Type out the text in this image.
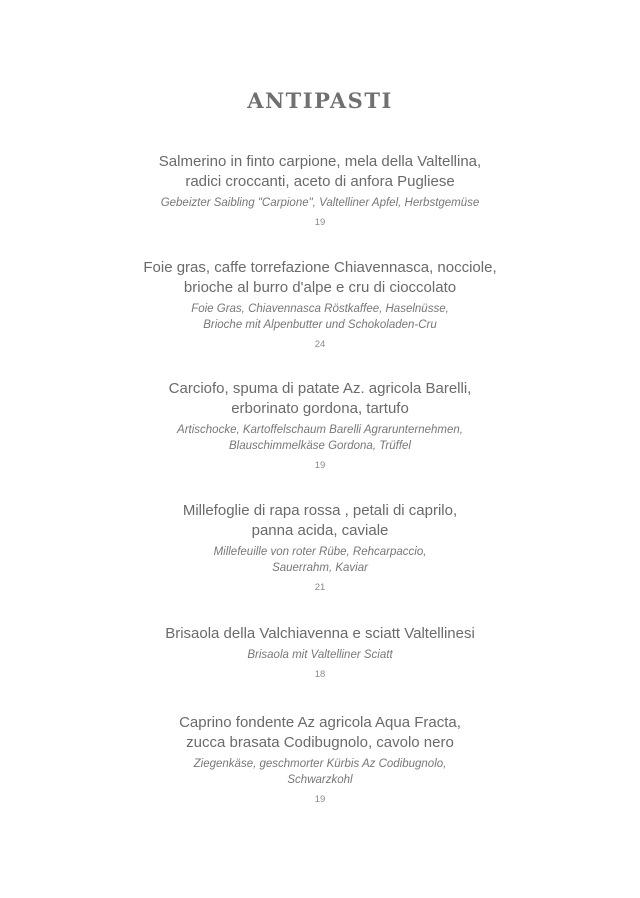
ANTIPASTI

Salmerino in finto carpione, mela della Valtellina,
radici croccanti, aceto di anfora Pugliese

Gebeizter Saibling "Carpione", Valtelliner Apfel, Herbstgemüse

19

Foie gras, caffe torrefazione Chiavennasca, nocciole,
brioche al burro d'alpe e cru di cioccolato

Foie Gras, Chiavennasca Röstkaffee, Haselnüsse,
Brioche mit Alpenbutter und Schokoladen-Cru

24

Carciofo, spuma di patate Az. agricola Barelli,
erborinato gordona, tartufo

Artischocke, Kartoffelschaum Barelli Agrarunternehmen,
Blauschimmelkäse Gordona, Trüffel

19

Millefoglie di rapa rossa , petali di caprilo,
panna acida, caviale

Millefeuille von roter Rübe, Rehcarpaccio,
Sauerrahm, Kaviar

21

Brisaola della Valchiavenna e sciatt Valtellinesi

Brisaola mit Valtelliner Sciatt

18

Caprino fondente Az agricola Aqua Fracta,
zucca brasata Codibugnolo, cavolo nero

Ziegenkäse, geschmorter Kürbis Az Codibugnolo,
Schwarzkohl

19
